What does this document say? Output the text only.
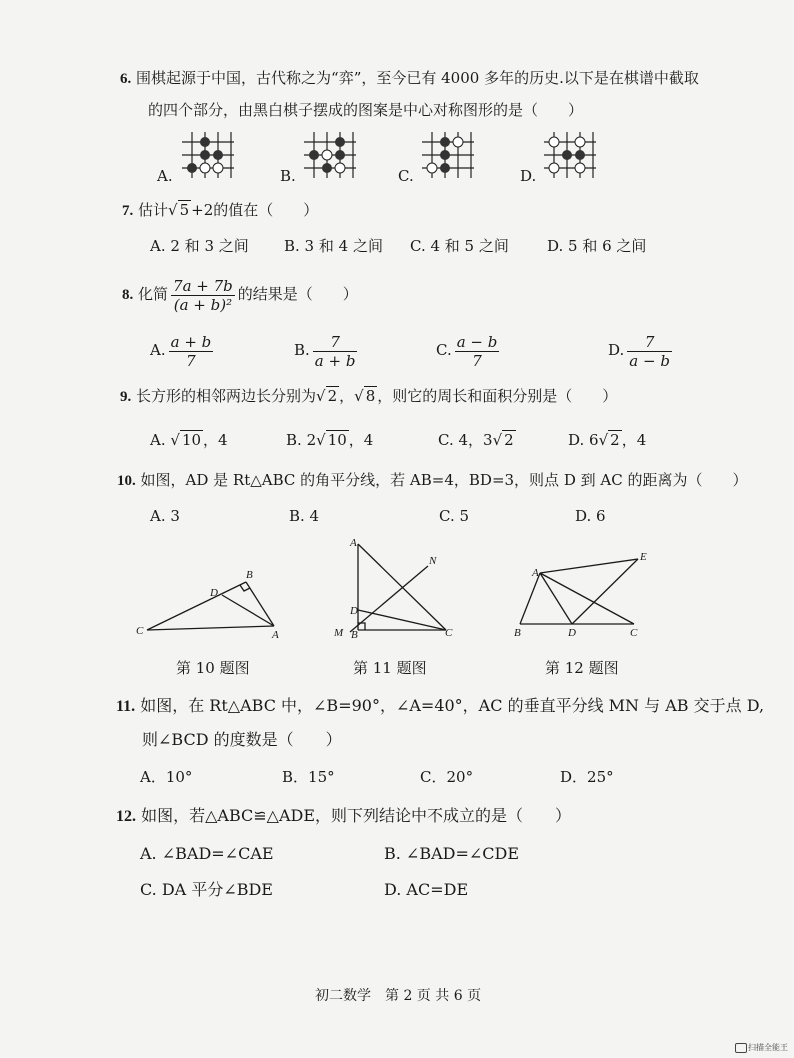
6. 围棋起源于中国，古代称之为“弈”，至今已有 4000 多年的历史.以下是在棋谱中截取
的四个部分，由黑白棋子摆成的图案是中心对称图形的是（　　）
A.	B.	C.	D.
7. 估计√ 5 +2的值在（　　）
A. 2 和 3 之间 B. 3 和 4 之间 C. 4 和 5 之间	D. 5 和 6 之间
8. 化简 $\frac{7a + 7b}{\text{(a + b)²}}$ 的结果是（　　）
A. $\frac{a + b}{7}$	B. $\frac{7}{a + b}$	C. $\frac{a - b}{7}$	D. $\frac{7}{a - b}$
9. 长方形的相邻两边长分别为√ 2 ，√ 8 ，则它的周长和面积分别是（　　）
A. √ 10 ，4	B. 2√ 10 ，4	C. 4，3√ 2	D. 6√ 2 ，4
10. 如图，AD 是 Rt△ABC 的角平分线，若 AB=4，BD=3，则点 D 到 AC 的距离为（　　）
A. 3	B. 4	C. 5	D. 6
B
D
C	A
第 10 题图
A
N
D
M B	C
第 11 题图
A
E
B	D	C
第 12 题图
11. 如图，在 Rt△ABC 中，∠B=90°，∠A=40°，AC 的垂直平分线 MN 与 AB 交于点 D,
则∠BCD 的度数是（　　）
A．10°	B．15°	C．20°	D．25°
12. 如图，若△ABC≌△ADE，则下列结论中不成立的是（　　）
A. ∠BAD=∠CAE	B. ∠BAD=∠CDE
C. DA 平分∠BDE	D. AC=DE
初二数学　第 2 页 共 6 页
扫描全能王
